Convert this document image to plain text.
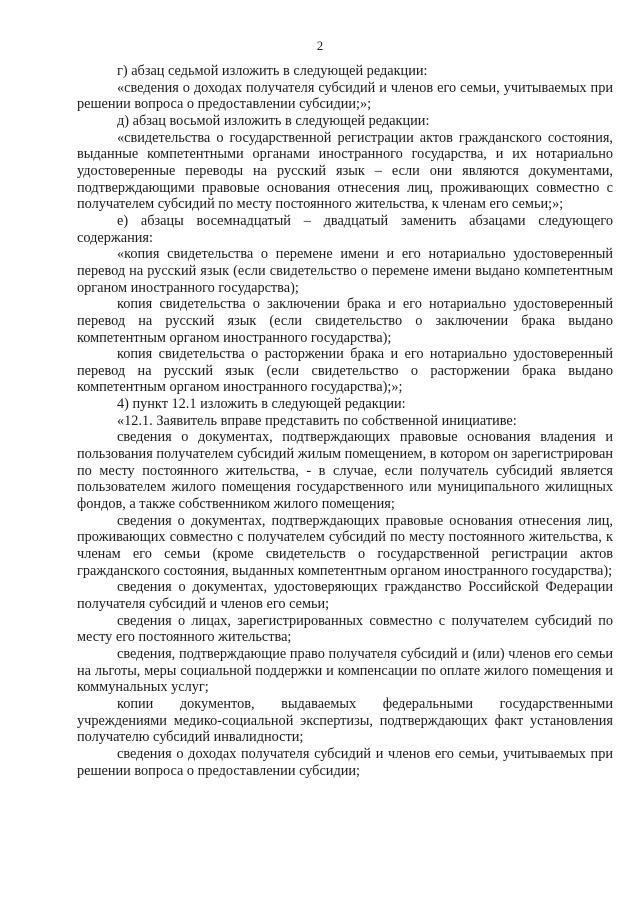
2

г) абзац седьмой изложить в следующей редакции:

«сведения о доходах получателя субсидий и членов его семьи, учитываемых при решении вопроса о предоставлении субсидии;»;

д) абзац восьмой изложить в следующей редакции:

«свидетельства о государственной регистрации актов гражданского состояния, выданные компетентными органами иностранного государства, и их нотариально удостоверенные переводы на русский язык – если они являются документами, подтверждающими правовые основания отнесения лиц, проживающих совместно с получателем субсидий по месту постоянного жительства, к членам его семьи;»;

е) абзацы восемнадцатый – двадцатый заменить абзацами следующего содержания:

«копия свидетельства о перемене имени и его нотариально удостоверенный перевод на русский язык (если свидетельство о перемене имени выдано компетентным органом иностранного государства);

копия свидетельства о заключении брака и его нотариально удостоверенный перевод на русский язык (если свидетельство о заключении брака выдано компетентным органом иностранного государства);

копия свидетельства о расторжении брака и его нотариально удостоверенный перевод на русский язык (если свидетельство о расторжении брака выдано компетентным органом иностранного государства);»;

4) пункт 12.1 изложить в следующей редакции:

«12.1. Заявитель вправе представить по собственной инициативе:

сведения о документах, подтверждающих правовые основания владения и пользования получателем субсидий жилым помещением, в котором он зарегистрирован по месту постоянного жительства, - в случае, если получатель субсидий является пользователем жилого помещения государственного или муниципального жилищных фондов, а также собственником жилого помещения;

сведения о документах, подтверждающих правовые основания отнесения лиц, проживающих совместно с получателем субсидий по месту постоянного жительства, к членам его семьи (кроме свидетельств о государственной регистрации актов гражданского состояния, выданных компетентным органом иностранного государства);

сведения о документах, удостоверяющих гражданство Российской Федерации получателя субсидий и членов его семьи;

сведения о лицах, зарегистрированных совместно с получателем субсидий по месту его постоянного жительства;

сведения, подтверждающие право получателя субсидий и (или) членов его семьи на льготы, меры социальной поддержки и компенсации по оплате жилого помещения и коммунальных услуг;

копии документов, выдаваемых федеральными государственными учреждениями медико-социальной экспертизы, подтверждающих факт установления получателю субсидий инвалидности;

сведения о доходах получателя субсидий и членов его семьи, учитываемых при решении вопроса о предоставлении субсидии;
